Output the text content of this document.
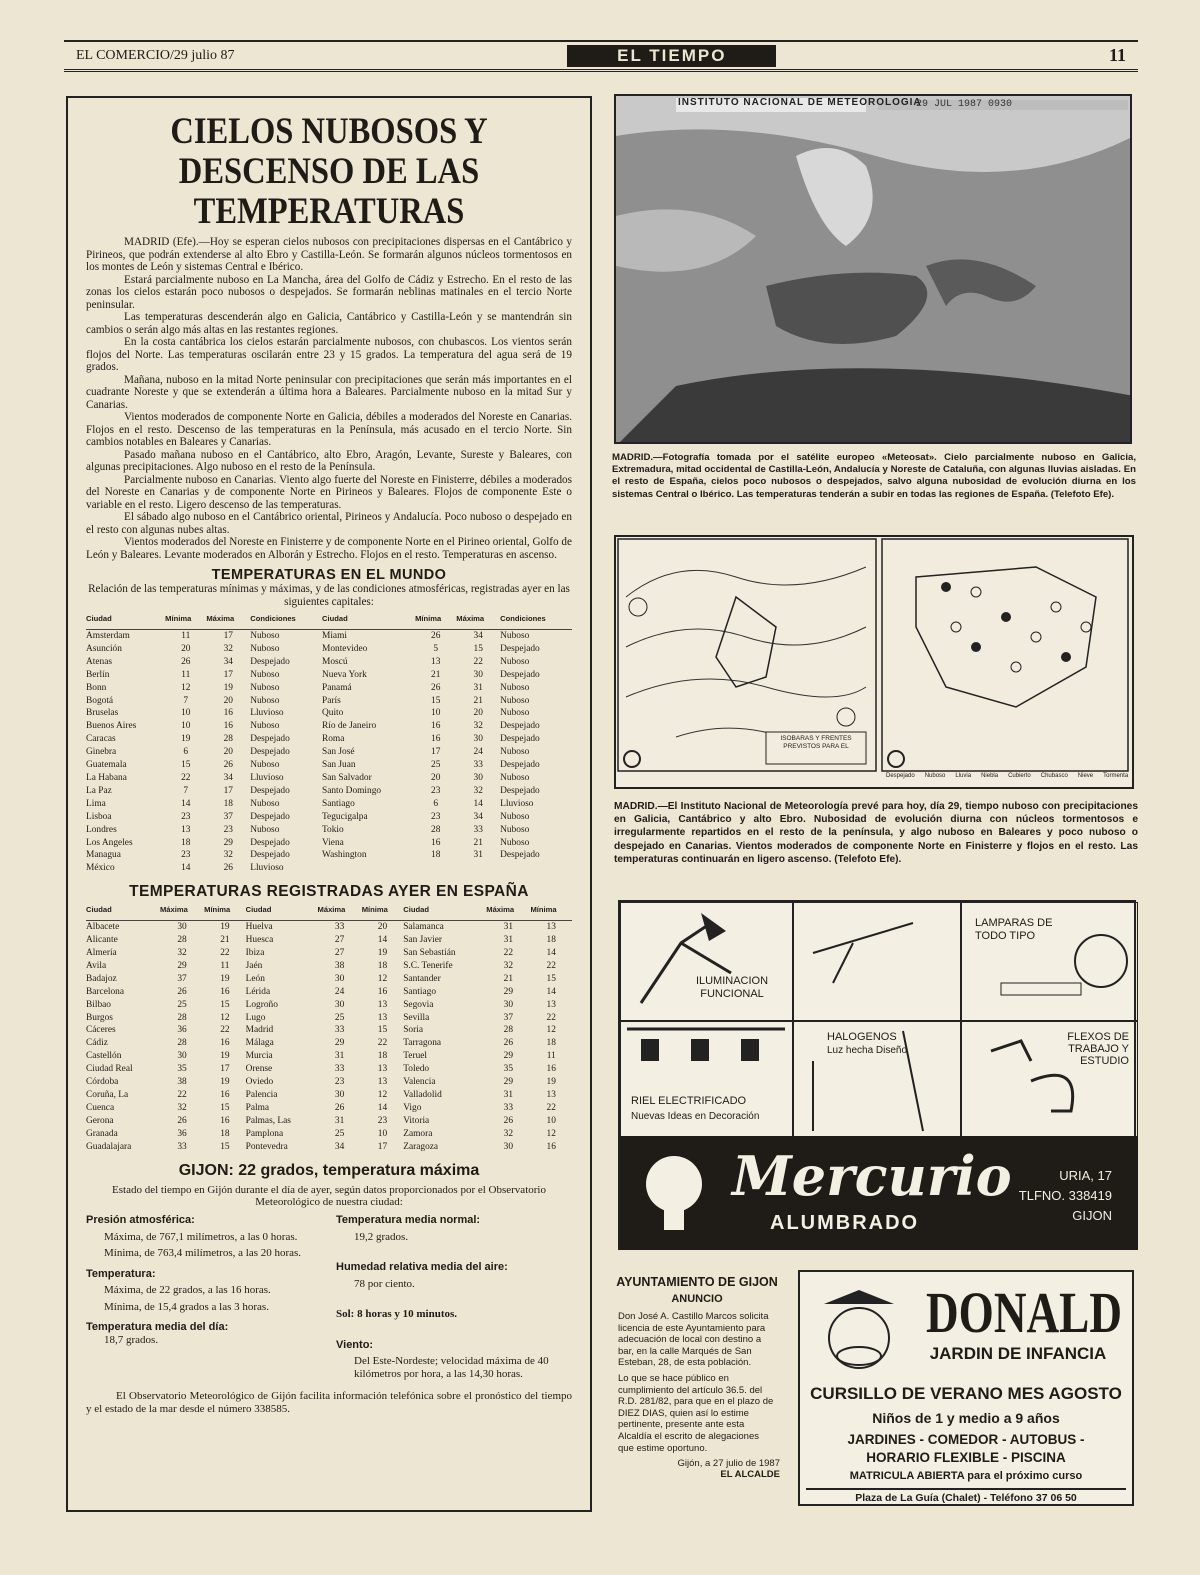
EL COMERCIO/29 julio 87	EL TIEMPO	11
CIELOS NUBOSOS Y DESCENSO DE LAS TEMPERATURAS

MADRID (Efe).—Hoy se esperan cielos nubosos con precipitaciones dispersas en el Cantábrico y Pirineos, que podrán extenderse al alto Ebro y Castilla-León. Se formarán algunos núcleos tormentosos en los montes de León y sistemas Central e Ibérico.

Estará parcialmente nuboso en La Mancha, área del Golfo de Cádiz y Estrecho. En el resto de las zonas los cielos estarán poco nubosos o despejados. Se formarán neblinas matinales en el tercio Norte peninsular.

Las temperaturas descenderán algo en Galicia, Cantábrico y Castilla-León y se mantendrán sin cambios o serán algo más altas en las restantes regiones.

En la costa cantábrica los cielos estarán parcialmente nubosos, con chubascos. Los vientos serán flojos del Norte. Las temperaturas oscilarán entre 23 y 15 grados. La temperatura del agua será de 19 grados.

Mañana, nuboso en la mitad Norte peninsular con precipitaciones que serán más importantes en el cuadrante Noreste y que se extenderán a última hora a Baleares. Parcialmente nuboso en la mitad Sur y Canarias.

Vientos moderados de componente Norte en Galicia, débiles a moderados del Noreste en Canarias. Flojos en el resto. Descenso de las temperaturas en la Península, más acusado en el tercio Norte. Sin cambios notables en Baleares y Canarias.

Pasado mañana nuboso en el Cantábrico, alto Ebro, Aragón, Levante, Sureste y Baleares, con algunas precipitaciones. Algo nuboso en el resto de la Península.

Parcialmente nuboso en Canarias. Viento algo fuerte del Noreste en Finisterre, débiles a moderados del Noreste en Canarias y de componente Norte en Pirineos y Baleares. Flojos de componente Este o variable en el resto. Ligero descenso de las temperaturas.

El sábado algo nuboso en el Cantábrico oriental, Pirineos y Andalucía. Poco nuboso o despejado en el resto con algunas nubes altas.

Vientos moderados del Noreste en Finisterre y de componente Norte en el Pirineo oriental, Golfo de León y Baleares. Levante moderados en Alborán y Estrecho. Flojos en el resto. Temperaturas en ascenso.

TEMPERATURAS EN EL MUNDO
Relación de las temperaturas mínimas y máximas, y de las condiciones atmosféricas, registradas ayer en las siguientes capitales:
Ciudad	Mínima	Máxima	Condiciones	Ciudad	Mínima	Máxima	Condiciones
Amsterdam	11	17	Nuboso	Miami	26	34	Nuboso
Asunción	20	32	Nuboso	Montevideo	5	15	Despejado
Atenas	26	34	Despejado	Moscú	13	22	Nuboso
Berlín	11	17	Nuboso	Nueva York	21	30	Despejado
Bonn	12	19	Nuboso	Panamá	26	31	Nuboso
Bogotá	7	20	Nuboso	París	15	21	Nuboso
Bruselas	10	16	Lluvioso	Quito	10	20	Nuboso
Buenos Aires	10	16	Nuboso	Río de Janeiro	16	32	Despejado
Caracas	19	28	Despejado	Roma	16	30	Despejado
Ginebra	6	20	Despejado	San José	17	24	Nuboso
Guatemala	15	26	Nuboso	San Juan	25	33	Despejado
La Habana	22	34	Lluvioso	San Salvador	20	30	Nuboso
La Paz	7	17	Despejado	Santo Domingo	23	32	Despejado
Lima	14	18	Nuboso	Santiago	6	14	Lluvioso
Lisboa	23	37	Despejado	Tegucigalpa	23	34	Nuboso
Londres	13	23	Nuboso	Tokio	28	33	Nuboso
Los Angeles	18	29	Despejado	Viena	16	21	Nuboso
Managua	23	32	Despejado	Washington	18	31	Despejado
México	14	26	Lluvioso				
TEMPERATURAS REGISTRADAS AYER EN ESPAÑA
Ciudad	Máxima	Mínima	Ciudad	Máxima	Mínima	Ciudad	Máxima	Mínima
Albacete	30	19	Huelva	33	20	Salamanca	31	13
Alicante	28	21	Huesca	27	14	San Javier	31	18
Almería	32	22	Ibiza	27	19	San Sebastián	22	14
Avila	29	11	Jaén	38	18	S.C. Tenerife	32	22
Badajoz	37	19	León	30	12	Santander	21	15
Barcelona	26	16	Lérida	24	16	Santiago	29	14
Bilbao	25	15	Logroño	30	13	Segovia	30	13
Burgos	28	12	Lugo	25	13	Sevilla	37	22
Cáceres	36	22	Madrid	33	15	Soria	28	12
Cádiz	28	16	Málaga	29	22	Tarragona	26	18
Castellón	30	19	Murcia	31	18	Teruel	29	11
Ciudad Real	35	17	Orense	33	13	Toledo	35	16
Córdoba	38	19	Oviedo	23	13	Valencia	29	19
Coruña, La	22	16	Palencia	30	12	Valladolid	31	13
Cuenca	32	15	Palma	26	14	Vigo	33	22
Gerona	26	16	Palmas, Las	31	23	Vitoria	26	10
Granada	36	18	Pamplona	25	10	Zamora	32	12
Guadalajara	33	15	Pontevedra	34	17	Zaragoza	30	16
GIJON: 22 grados, temperatura máxima
Estado del tiempo en Gijón durante el día de ayer, según datos proporcionados por el Observatorio Meteorológico de nuestra ciudad:
Presión atmosférica:
Máxima, de 767,1 milímetros, a las 0 horas.
Mínima, de 763,4 milímetros, a las 20 horas.
Temperatura:
Máxima, de 22 grados, a las 16 horas.
Mínima, de 15,4 grados a las 3 horas.
Temperatura media del día:
18,7 grados.
Temperatura media normal:
19,2 grados.
Humedad relativa media del aire:
78 por ciento.
Sol: 8 horas y 10 minutos.
Viento:
Del Este-Nordeste; velocidad máxima de 40 kilómetros por hora, a las 14,30 horas.
El Observatorio Meteorológico de Gijón facilita información telefónica sobre el pronóstico del tiempo y el estado de la mar desde el número 338585.
INSTITUTO NACIONAL DE METEOROLOGIA
29 JUL 1987 0930
MADRID.—Fotografía tomada por el satélite europeo «Meteosat». Cielo parcialmente nuboso en Galicia, Extremadura, mitad occidental de Castilla-León, Andalucía y Noreste de Cataluña, con algunas lluvias aisladas. En el resto de España, cielos poco nubosos o despejados, salvo alguna nubosidad de evolución diurna en los sistemas Central o Ibérico. Las temperaturas tenderán a subir en todas las regiones de España. (Telefoto Efe).
ISOBARAS Y FRENTES PREVISTOS PARA EL
Despejado Nuboso Lluvia Niebla Cubierto Chubasco Nieve Tormenta
MADRID.—El Instituto Nacional de Meteorología prevé para hoy, día 29, tiempo nuboso con precipitaciones en Galicia, Cantábrico y alto Ebro. Nubosidad de evolución diurna con núcleos tormentosos e irregularmente repartidos en el resto de la península, y algo nuboso en Baleares y poco nuboso o despejado en Canarias. Vientos moderados de componente Norte en Finisterre y flojos en el resto. Las temperaturas continuarán en ligero ascenso. (Telefoto Efe).
ILUMINACION FUNCIONAL
LAMPARAS DE TODO TIPO
RIEL ELECTRIFICADO
Nuevas Ideas en Decoración
HALOGENOS
Luz hecha Diseño
FLEXOS DE TRABAJO Y ESTUDIO
Mercurio
ALUMBRADO
URIA, 17
TLFNO. 338419
GIJON
AYUNTAMIENTO DE GIJON
ANUNCIO
Don José A. Castillo Marcos solicita licencia de este Ayuntamiento para adecuación de local con destino a bar, en la calle Marqués de San Esteban, 28, de esta población.
Lo que se hace público en cumplimiento del artículo 36.5. del R.D. 281/82, para que en el plazo de DIEZ DIAS, quien así lo estime pertinente, presente ante esta Alcaldía el escrito de alegaciones que estime oportuno.
Gijón, a 27 julio de 1987
EL ALCALDE
DONALD
JARDIN DE INFANCIA
CURSILLO DE VERANO MES AGOSTO
Niños de 1 y medio a 9 años
JARDINES - COMEDOR - AUTOBUS -
HORARIO FLEXIBLE - PISCINA
MATRICULA ABIERTA para el próximo curso
Plaza de La Guía (Chalet) - Teléfono 37 06 50
